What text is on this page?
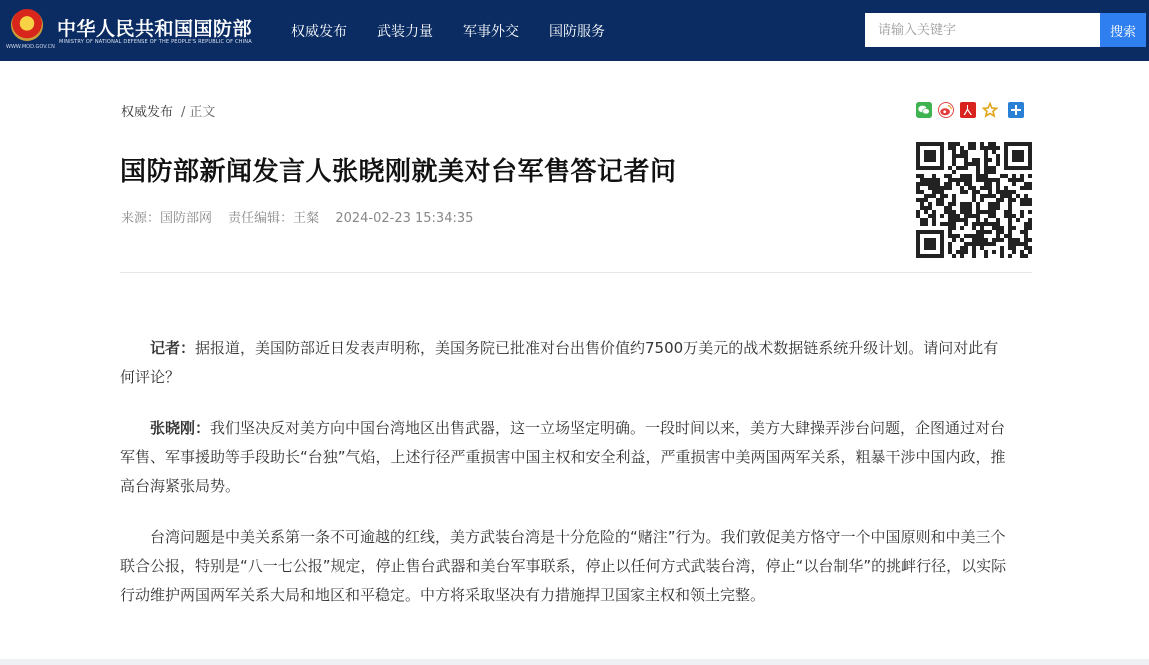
WWW.MOD.GOV.CN
中华人民共和国国防部
MINISTRY OF NATIONAL DEFENSE OF THE PEOPLE'S REPUBLIC OF CHINA
权威发布 武装力量 军事外交 国防服务
请输入关键字	搜索
权威发布 / 正文
国防部新闻发言人张晓刚就美对台军售答记者问
来源：国防部网 责任编辑：王粲 2024-02-23 15:34:35

记者：据报道，美国防部近日发表声明称，美国务院已批准对台出售价值约7500万美元的战术数据链系统升级计划。请问对此有何评论？

张晓刚：我们坚决反对美方向中国台湾地区出售武器，这一立场坚定明确。一段时间以来，美方大肆操弄涉台问题，企图通过对台军售、军事援助等手段助长“台独”气焰，上述行径严重损害中国主权和安全利益，严重损害中美两国两军关系，粗暴干涉中国内政，推高台海紧张局势。

台湾问题是中美关系第一条不可逾越的红线，美方武装台湾是十分危险的“赌注”行为。我们敦促美方恪守一个中国原则和中美三个联合公报，特别是“八一七公报”规定，停止售台武器和美台军事联系，停止以任何方式武装台湾，停止“以台制华”的挑衅行径，以实际行动维护两国两军关系大局和地区和平稳定。中方将采取坚决有力措施捍卫国家主权和领土完整。
